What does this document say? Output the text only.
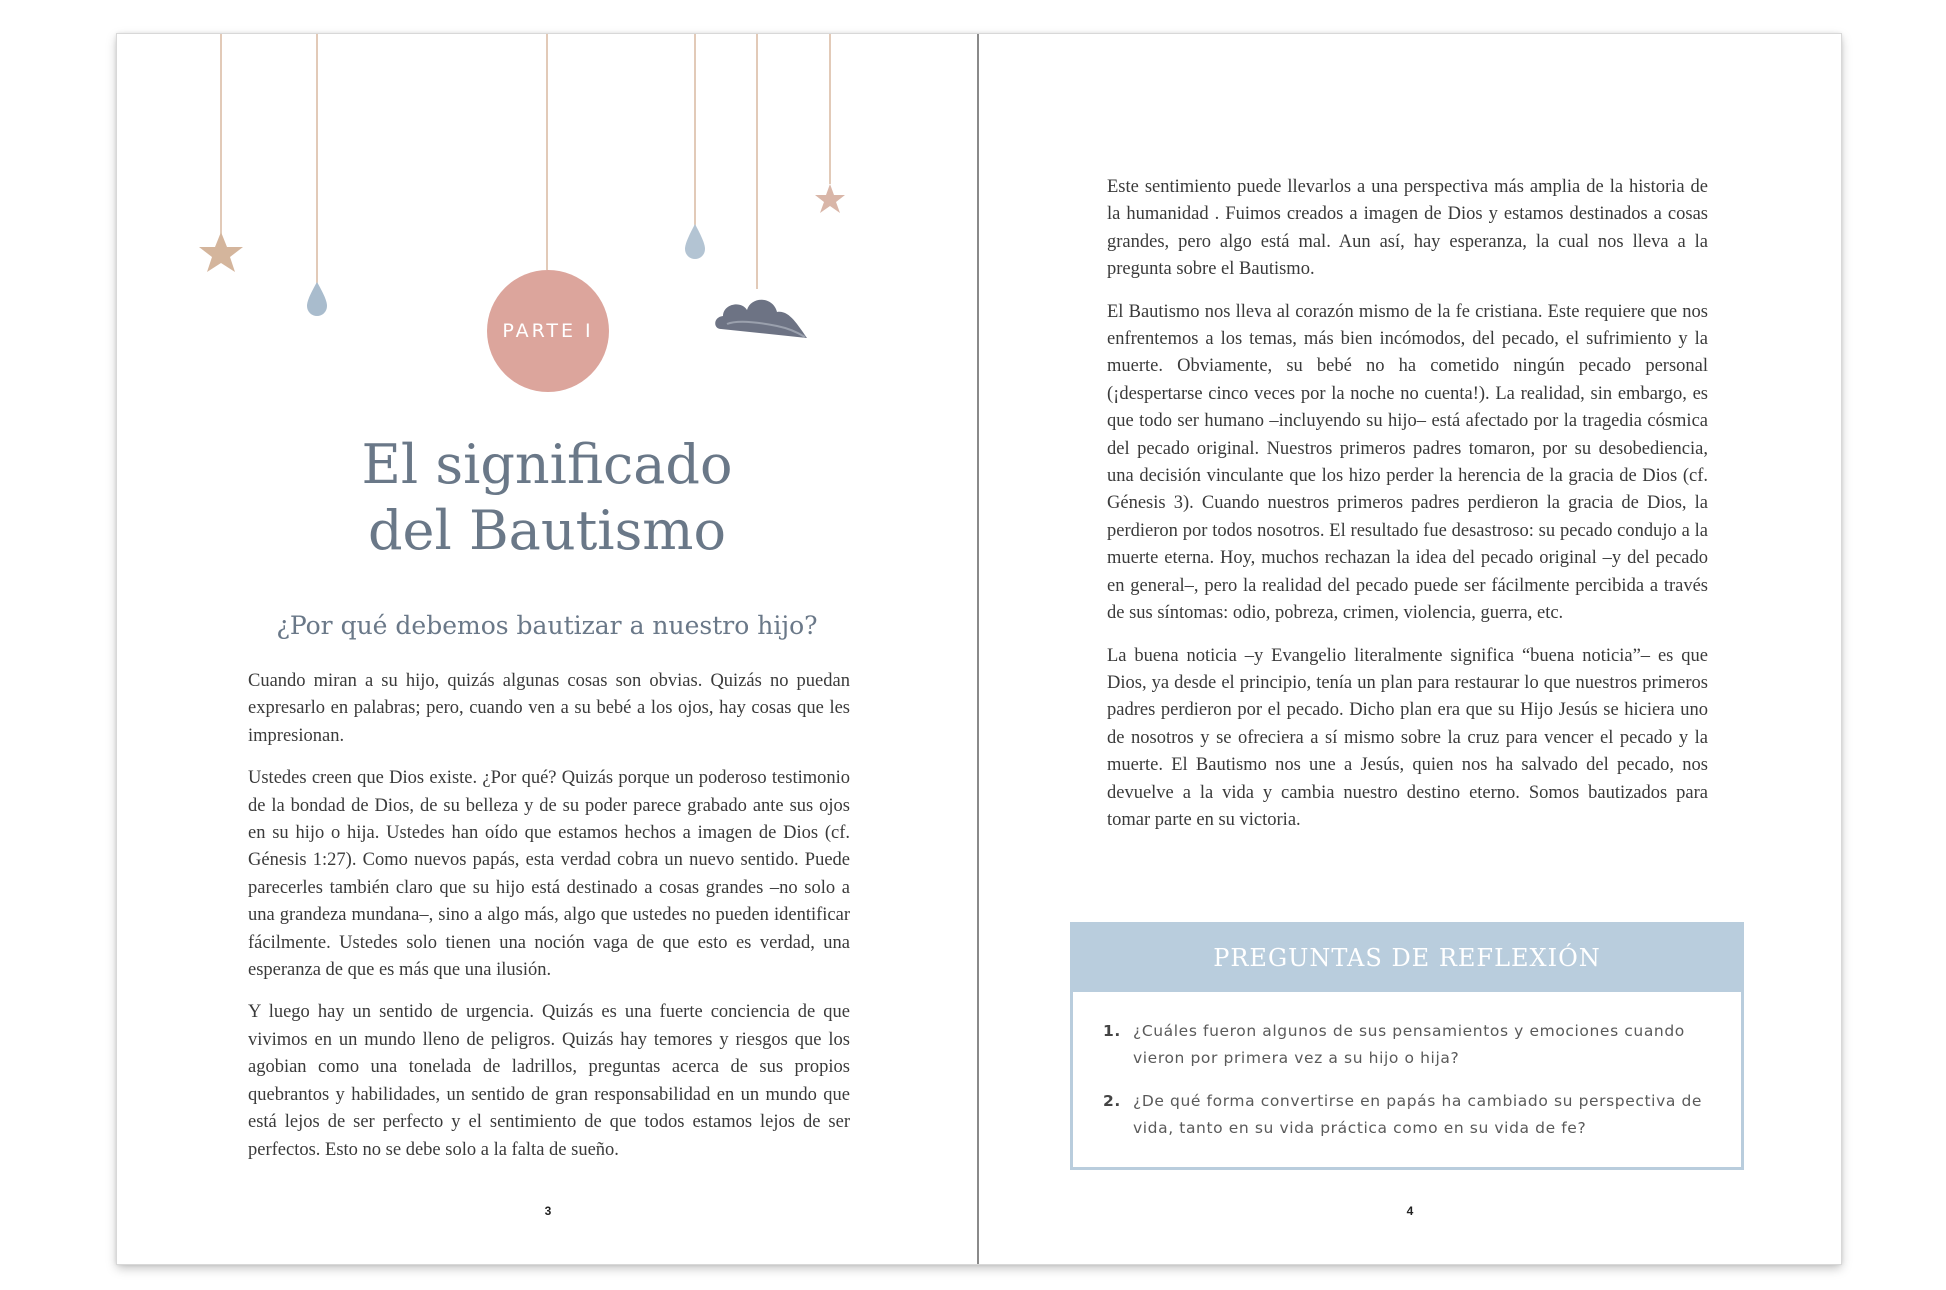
PARTE I
El significado
del Bautismo
¿Por qué debemos bautizar a nuestro hijo?

Cuando miran a su hijo, quizás algunas cosas son obvias. Quizás no puedan expresarlo en palabras; pero, cuando ven a su bebé a los ojos, hay cosas que les impresionan.

Ustedes creen que Dios existe. ¿Por qué? Quizás porque un poderoso testimonio de la bondad de Dios, de su belleza y de su poder parece grabado ante sus ojos en su hijo o hija. Ustedes han oído que estamos hechos a imagen de Dios (cf. Génesis 1:27). Como nuevos papás, esta verdad cobra un nuevo sentido. Puede parecerles también claro que su hijo está destinado a cosas grandes –no solo a una grandeza mundana–, sino a algo más, algo que ustedes no pueden identificar fácilmente. Ustedes solo tienen una noción vaga de que esto es verdad, una esperanza de que es más que una ilusión.

Y luego hay un sentido de urgencia. Quizás es una fuerte conciencia de que vivimos en un mundo lleno de peligros. Quizás hay temores y riesgos que los agobian como una tonelada de ladrillos, preguntas acerca de sus propios quebrantos y habilidades, un sentido de gran responsabilidad en un mundo que está lejos de ser perfecto y el sentimiento de que todos estamos lejos de ser perfectos. Esto no se debe solo a la falta de sueño.

3

Este sentimiento puede llevarlos a una perspectiva más amplia de la historia de la humanidad . Fuimos creados a imagen de Dios y estamos destinados a cosas grandes, pero algo está mal. Aun así, hay esperanza, la cual nos lleva a la pregunta sobre el Bautismo.

El Bautismo nos lleva al corazón mismo de la fe cristiana. Este requiere que nos enfrentemos a los temas, más bien incómodos, del pecado, el sufrimiento y la muerte. Obviamente, su bebé no ha cometido ningún pecado personal (¡despertarse cinco veces por la noche no cuenta!). La realidad, sin embargo, es que todo ser humano –incluyendo su hijo– está afectado por la tragedia cósmica del pecado original. Nuestros primeros padres tomaron, por su desobediencia, una decisión vinculante que los hizo perder la herencia de la gracia de Dios (cf. Génesis 3). Cuando nuestros primeros padres perdieron la gracia de Dios, la perdieron por todos nosotros. El resultado fue desastroso: su pecado condujo a la muerte eterna. Hoy, muchos rechazan la idea del pecado original –y del pecado en general–, pero la realidad del pecado puede ser fácilmente percibida a través de sus síntomas: odio, pobreza, crimen, violencia, guerra, etc.

La buena noticia –y Evangelio literalmente significa “buena noticia”– es que Dios, ya desde el principio, tenía un plan para restaurar lo que nuestros primeros padres perdieron por el pecado. Dicho plan era que su Hijo Jesús se hiciera uno de nosotros y se ofreciera a sí mismo sobre la cruz para vencer el pecado y la muerte. El Bautismo nos une a Jesús, quien nos ha salvado del pecado, nos devuelve a la vida y cambia nuestro destino eterno. Somos bautizados para tomar parte en su victoria.

PREGUNTAS DE REFLEXIÓN
1. ¿Cuáles fueron algunos de sus pensamientos y emociones cuando vieron por primera vez a su hijo o hija?
2. ¿De qué forma convertirse en papás ha cambiado su perspectiva de vida, tanto en su vida práctica como en su vida de fe?
4
